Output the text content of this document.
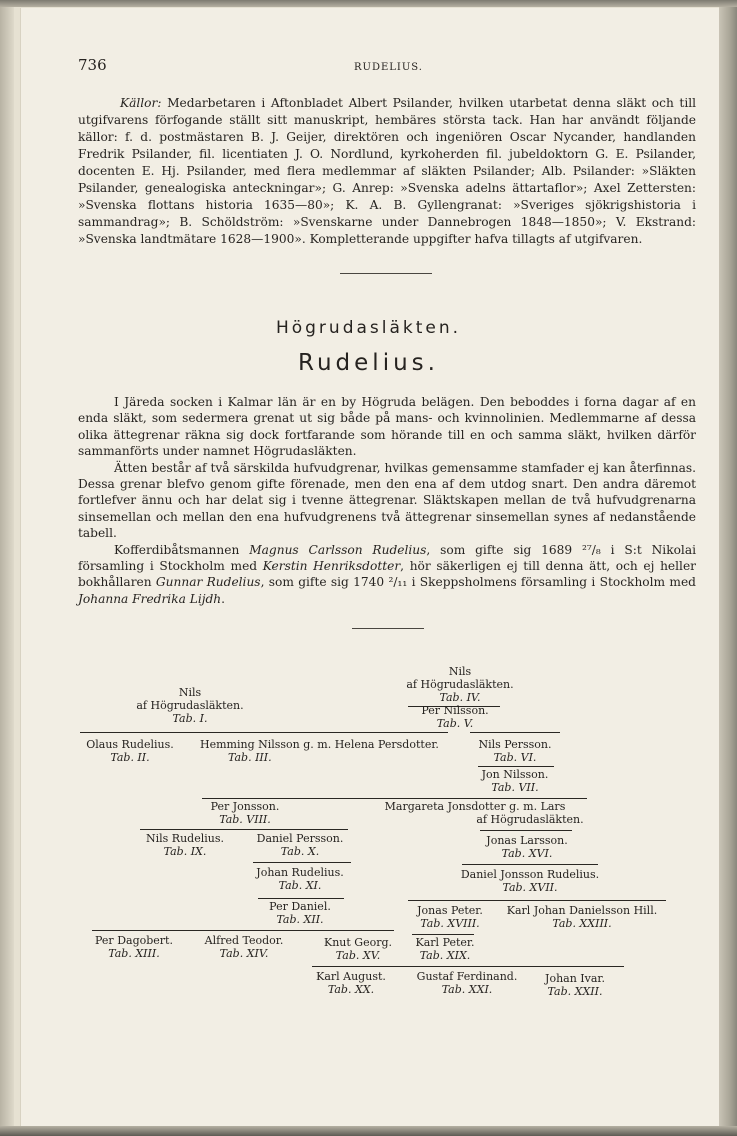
736	RUDELIUS.

Källor: Medarbetaren i Aftonbladet Albert Psilander, hvilken utarbetat denna släkt och till utgifvarens förfogande ställt sitt manuskript, hembäres största tack. Han har användt följande källor: f. d. postmästaren B. J. Geijer, direktören och ingeniören Oscar Nycander, handlanden Fredrik Psilander, fil. licentiaten J. O. Nordlund, kyrkoherden fil. jubeldoktorn G. E. Psilander, docenten E. Hj. Psilander, med flera medlemmar af släkten Psilander; Alb. Psilander: »Släkten Psilander, genealogiska anteckningar»; G. Anrep: »Svenska adelns ättartaflor»; Axel Zettersten: »Svenska flottans historia 1635—80»; K. A. B. Gyllengranat: »Sveriges sjökrigshistoria i sammandrag»; B. Schöldström: »Svenskarne under Dannebrogen 1848—1850»; V. Ekstrand: »Svenska landtmätare 1628—1900». Kompletterande uppgifter hafva tillagts af utgifvaren.

Högrudasläkten.
Rudelius.

I Järeda socken i Kalmar län är en by Högruda belägen. Den beboddes i forna dagar af en enda släkt, som sedermera grenat ut sig både på mans- och kvinnolinien. Medlemmarne af dessa olika ättegrenar räkna sig dock fortfarande som hörande till en och samma släkt, hvilken därför sammanförts under namnet Högrudasläkten.

Ätten består af två särskilda hufvudgrenar, hvilkas gemensamme stamfader ej kan återfinnas. Dessa grenar blefvo genom gifte förenade, men den ena af dem utdog snart. Den andra däremot fortlefver ännu och har delat sig i tvenne ättegrenar. Släktskapen mellan de två hufvudgrenarna sinsemellan och mellan den ena hufvudgrenens två ättegrenar sinsemellan synes af nedanstående tabell.

Kofferdibåtsmannen Magnus Carlsson Rudelius, som gifte sig 1689 ²⁷/₈ i S:t Nikolai församling i Stockholm med Kerstin Henriksdotter, hör säkerligen ej till denna ätt, och ej heller bokhållaren Gunnar Rudelius, som gifte sig 1740 ²/₁₁ i Skeppsholmens församling i Stockholm med Johanna Fredrika Lijdh.

Nils
af Högrudasläkten.
Tab. IV.
Nils
af Högrudasläkten.
Tab. I.
Per Nilsson.
Tab. V.
Olaus Rudelius.
Tab. II.
Hemming Nilsson g. m. Helena Persdotter.
Tab. III.
Nils Persson.
Tab. VI.
Jon Nilsson.
Tab. VII.
Per Jonsson.
Tab. VIII.
Margareta Jonsdotter g. m. Lars
af Högrudasläkten.
Nils Rudelius.
Tab. IX.
Daniel Persson.
Tab. X.
Jonas Larsson.
Tab. XVI.
Johan Rudelius.
Tab. XI.
Daniel Jonsson Rudelius.
Tab. XVII.
Per Daniel.
Tab. XII.
Jonas Peter.
Tab. XVIII.
Karl Johan Danielsson Hill.
Tab. XXIII.
Per Dagobert.
Tab. XIII.
Alfred Teodor.
Tab. XIV.
Knut Georg.
Tab. XV.
Karl Peter.
Tab. XIX.
Karl August.
Tab. XX.
Gustaf Ferdinand.
Tab. XXI.
Johan Ivar.
Tab. XXII.
